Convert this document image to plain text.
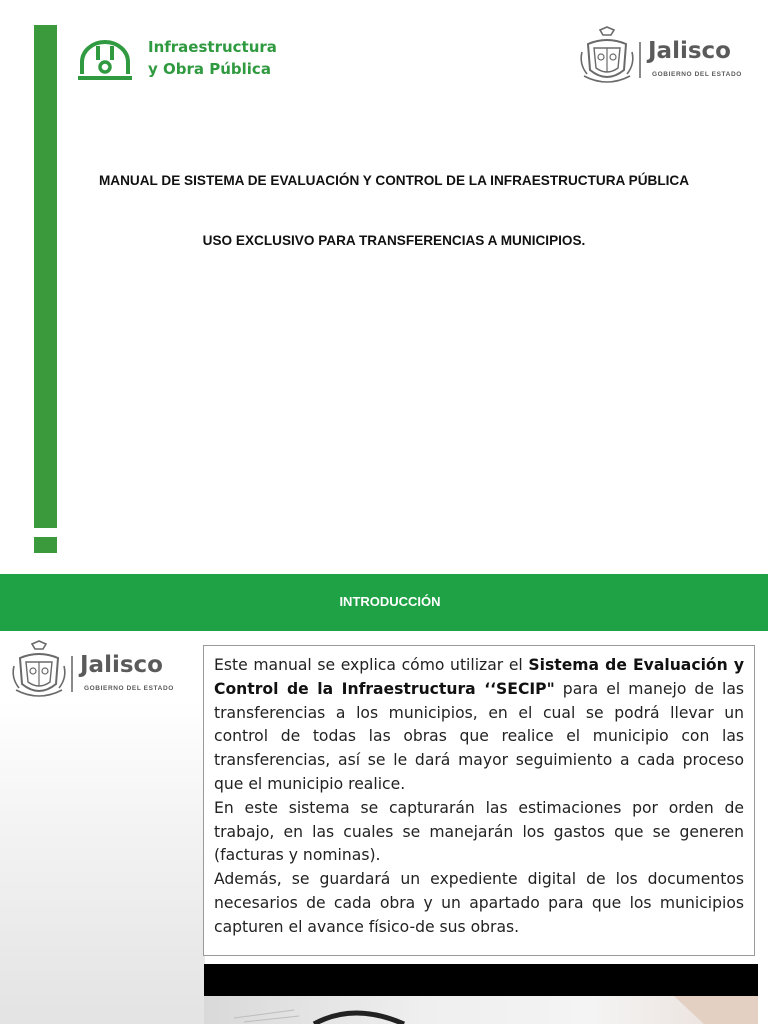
Infraestructura
y Obra Pública
Jalisco
GOBIERNO DEL ESTADO
MANUAL DE SISTEMA DE EVALUACIÓN Y CONTROL DE LA INFRAESTRUCTURA PÚBLICA
USO EXCLUSIVO PARA TRANSFERENCIAS A MUNICIPIOS.
INTRODUCCIÓN
Jalisco
GOBIERNO DEL ESTADO

Este manual se explica cómo utilizar el Sistema de Evaluación y Control de la Infraestructura ‘‘SECIP" para el manejo de las transferencias a los municipios, en el cual se podrá llevar un control de todas las obras que realice el municipio con las transferencias, así se le dará mayor seguimiento a cada proceso que el municipio realice.

En este sistema se capturarán las estimaciones por orden de trabajo, en las cuales se manejarán los gastos que se generen (facturas y nominas).

Además, se guardará un expediente digital de los documentos necesarios de cada obra y un apartado para que los municipios capturen el avance físico-de sus obras.
